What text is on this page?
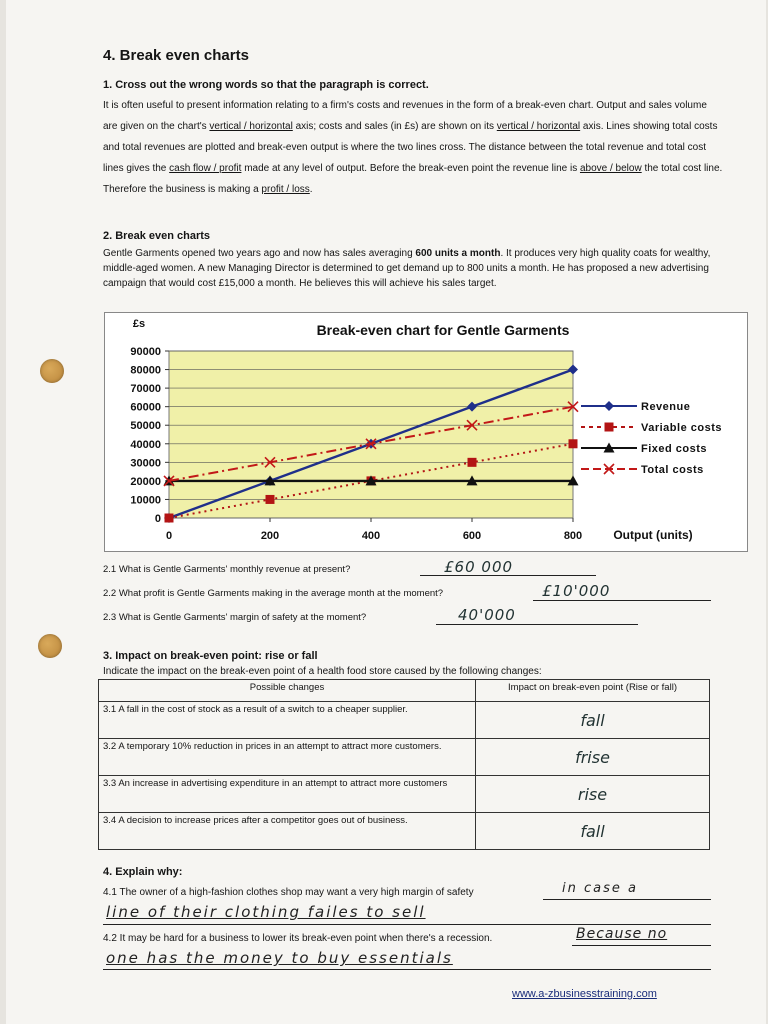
4. Break even charts
1. Cross out the wrong words so that the paragraph is correct.
It is often useful to present information relating to a firm's costs and revenues in the form of a break-even chart. Output and sales volume are given on the chart's vertical / horizontal axis; costs and sales (in £s) are shown on its vertical / horizontal axis. Lines showing total costs and total revenues are plotted and break-even output is where the two lines cross. The distance between the total revenue and total cost lines gives the cash flow / profit made at any level of output. Before the break-even point the revenue line is above / below the total cost line. Therefore the business is making a profit / loss.
2. Break even charts
Gentle Garments opened two years ago and now has sales averaging 600 units a month. It produces very high quality coats for wealthy, middle-aged women. A new Managing Director is determined to get demand up to 800 units a month. He has proposed a new advertising campaign that would cost £15,000 a month. He believes this will achieve his sales target.
0
10000
20000
30000
40000
50000
60000
70000
80000
90000
0	200	400	600	800
Break-even chart for Gentle Garments
£s
Output (units)
Revenue
Variable costs
Fixed costs
Total costs
2.1 What is Gentle Garments' monthly revenue at present?	£60 000
2.2 What profit is Gentle Garments making in the average month at the moment?	£10'000
2.3 What is Gentle Garments' margin of safety at the moment?	40'000
3. Impact on break-even point: rise or fall
Indicate the impact on the break-even point of a health food store caused by the following changes:
Possible changes	Impact on break-even point (Rise or fall)
3.1 A fall in the cost of stock as a result of a switch to a cheaper supplier.	fall
3.2 A temporary 10% reduction in prices in an attempt to attract more customers.	frise
3.3 An increase in advertising expenditure in an attempt to attract more customers	rise
3.4 A decision to increase prices after a competitor goes out of business.	fall
4. Explain why:
4.1 The owner of a high-fashion clothes shop may want a very high margin of safety	in case a
line of their clothing failes to sell
4.2 It may be hard for a business to lower its break-even point when there's a recession.	Because no
one has the money to buy essentials
www.a-zbusinesstraining.com
